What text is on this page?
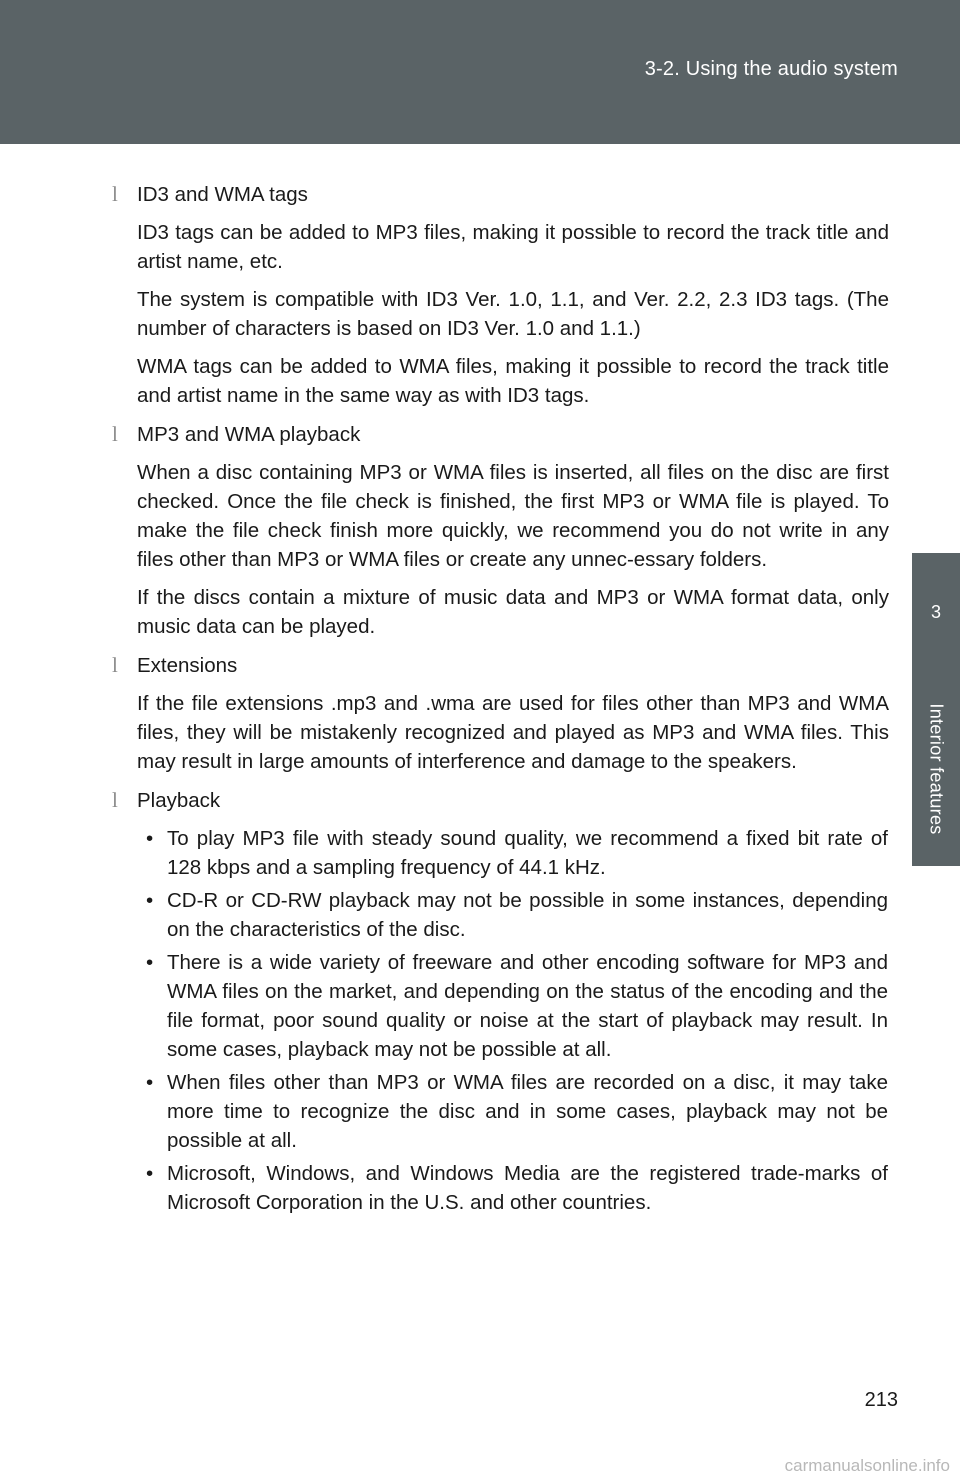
3-2. Using the audio system
3
Interior features
l ID3 and WMA tags

ID3 tags can be added to MP3 files, making it possible to record the track title and artist name, etc.

The system is compatible with ID3 Ver. 1.0, 1.1, and Ver. 2.2, 2.3 ID3 tags. (The number of characters is based on ID3 Ver. 1.0 and 1.1.)

WMA tags can be added to WMA files, making it possible to record the track title and artist name in the same way as with ID3 tags.

l MP3 and WMA playback

When a disc containing MP3 or WMA files is inserted, all files on the disc are first checked. Once the file check is finished, the first MP3 or WMA file is played. To make the file check finish more quickly, we recommend you do not write in any files other than MP3 or WMA files or create any unnec-essary folders.

If the discs contain a mixture of music data and MP3 or WMA format data, only music data can be played.

l Extensions

If the file extensions .mp3 and .wma are used for files other than MP3 and WMA files, they will be mistakenly recognized and played as MP3 and WMA files. This may result in large amounts of interference and damage to the speakers.

l Playback
• To play MP3 file with steady sound quality, we recommend a fixed bit rate of 128 kbps and a sampling frequency of 44.1 kHz.
• CD-R or CD-RW playback may not be possible in some instances, depending on the characteristics of the disc.
• There is a wide variety of freeware and other encoding software for MP3 and WMA files on the market, and depending on the status of the encoding and the file format, poor sound quality or noise at the start of playback may result. In some cases, playback may not be possible at all.
• When files other than MP3 or WMA files are recorded on a disc, it may take more time to recognize the disc and in some cases, playback may not be possible at all.
• Microsoft, Windows, and Windows Media are the registered trade-marks of Microsoft Corporation in the U.S. and other countries.
213
carmanualsonline.info
